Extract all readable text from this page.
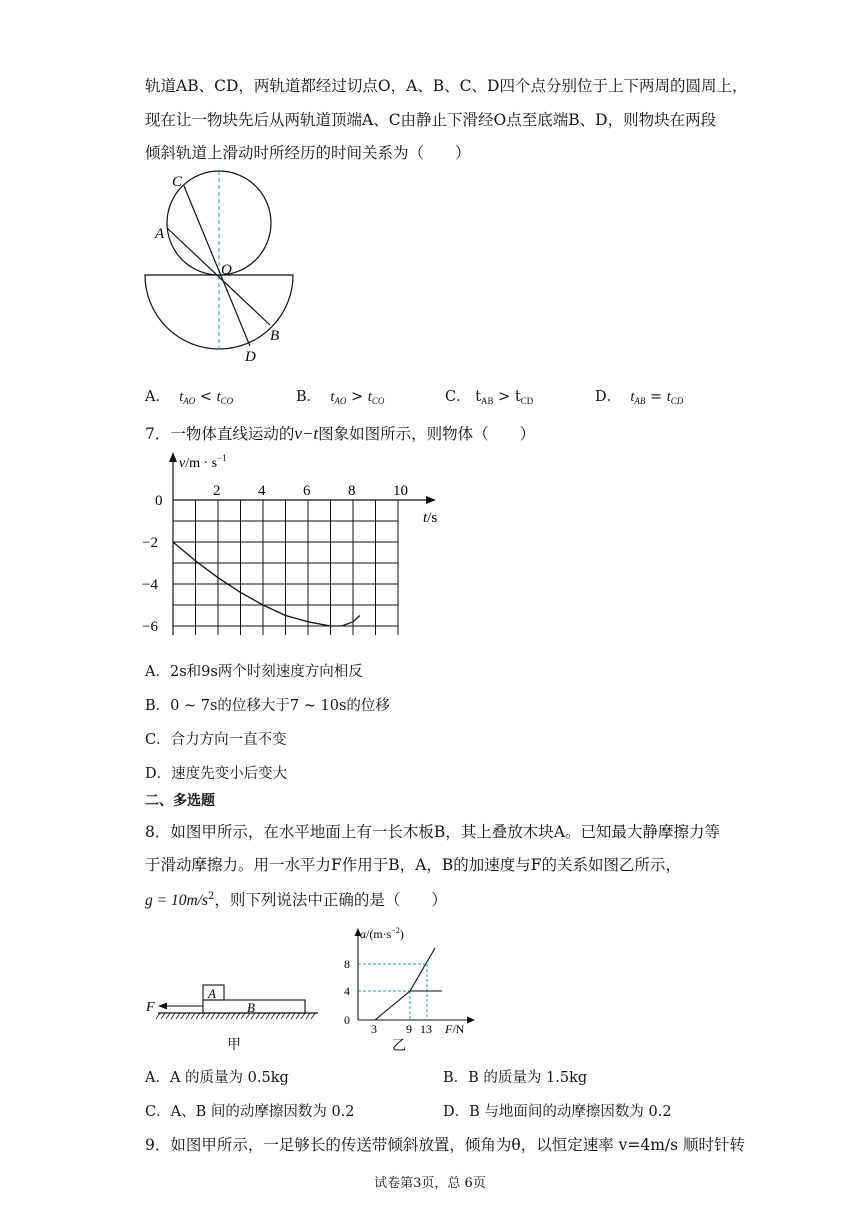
轨道AB、CD，两轨道都经过切点O，A、B、C、D四个点分别位于上下两周的圆周上，
现在让一物块先后从两轨道顶端A、C由静止下滑经O点至底端B、D，则物块在两段
倾斜轨道上滑动时所经历的时间关系为（　　）
C
A
O
B
D
A． $t_{AO} < t_{CO}$	B． $t_{AO} > t_{CO}$	C． $t_{AB} > t_{CD}$	D． $t_{AB} = t_{CD}$
7．一物体直线运动的v−t图象如图所示，则物体（　　）
2	4	6	8	10
−2
−4
−6
0
$v/m \cdot s^{-1}$
t/s
A．2s和9s两个时刻速度方向相反
B．0 ~ 7s的位移大于7 ~ 10s的位移
C．合力方向一直不变
D．速度先变小后变大
二、多选题
8．如图甲所示，在水平地面上有一长木板B，其上叠放木块A。已知最大静摩擦力等
于滑动摩擦力。用一水平力F作用于B，A，B的加速度与F的关系如图乙所示，
$g = 10m/s^2$，则下列说法中正确的是（　　）
F
A
B
甲
$a/(m\cdot s^{-2})$
0
8
4
3 9 13 F/N
乙
A．A 的质量为 0.5kg	B．B 的质量为 1.5kg
C．A、B 间的动摩擦因数为 0.2	D．B 与地面间的动摩擦因数为 0.2
9．如图甲所示，一足够长的传送带倾斜放置，倾角为θ，以恒定速率 v=4m/s 顺时针转
试卷第3页，总 6页
